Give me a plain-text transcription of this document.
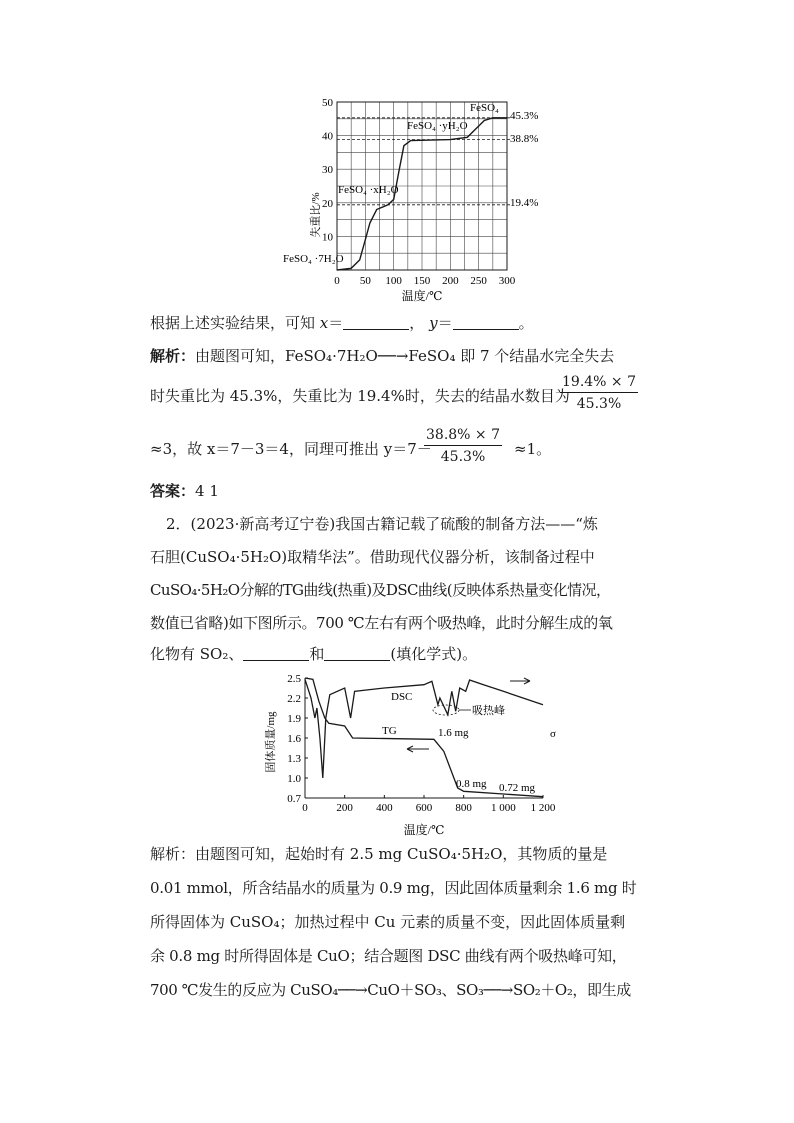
0 50 100 150 200 250 300
10
20
30
40
50
失重比/%
温度/℃
45.3%
38.8%
19.4%
FeSO₄
FeSO₄ ·yH₂O
FeSO₄ ·xH₂O
FeSO₄ ·7H₂O
根据上述实验结果，可知 x＝	， y＝	。
解析：由题图可知，FeSO₄·7H₂O──→FeSO₄ 即 7 个结晶水完全失去
时失重比为 45.3%，失重比为 19.4%时，失去的结晶水数目为
$\frac{19.4\% \times 7}{45.3\%}$
≈3，故 x＝7－3＝4，同理可推出 y＝7－
$\frac{38.8\% \times 7}{45.3\%} \approx 1$。
答案：4 1
2．(2023·新高考辽宁卷)我国古籍记载了硫酸的制备方法——“炼
石胆(CuSO₄·5H₂O)取精华法”。借助现代仪器分析，该制备过程中
CuSO₄·5H₂O分解的TG曲线(热重)及DSC曲线(反映体系热量变化情况，
数值已省略)如下图所示。700 ℃左右有两个吸热峰，此时分解生成的氧
化物有 SO₂、	和	(填化学式)。
0	200 400 600 800 1 000 1 200
0.7
1.0
1.3
1.6
1.9
2.2
2.5
固体质量/mg
温度/℃
DSC
TG	1.6 mg
0.8 mg 0.72 mg
吸热峰
σ
解析：由题图可知，起始时有 2.5 mg CuSO₄·5H₂O，其物质的量是
0.01 mmol，所含结晶水的质量为 0.9 mg，因此固体质量剩余 1.6 mg 时
所得固体为 CuSO₄；加热过程中 Cu 元素的质量不变，因此固体质量剩
余 0.8 mg 时所得固体是 CuO；结合题图 DSC 曲线有两个吸热峰可知，
700 ℃发生的反应为 CuSO₄──→CuO＋SO₃、SO₃──→SO₂＋O₂，即生成
